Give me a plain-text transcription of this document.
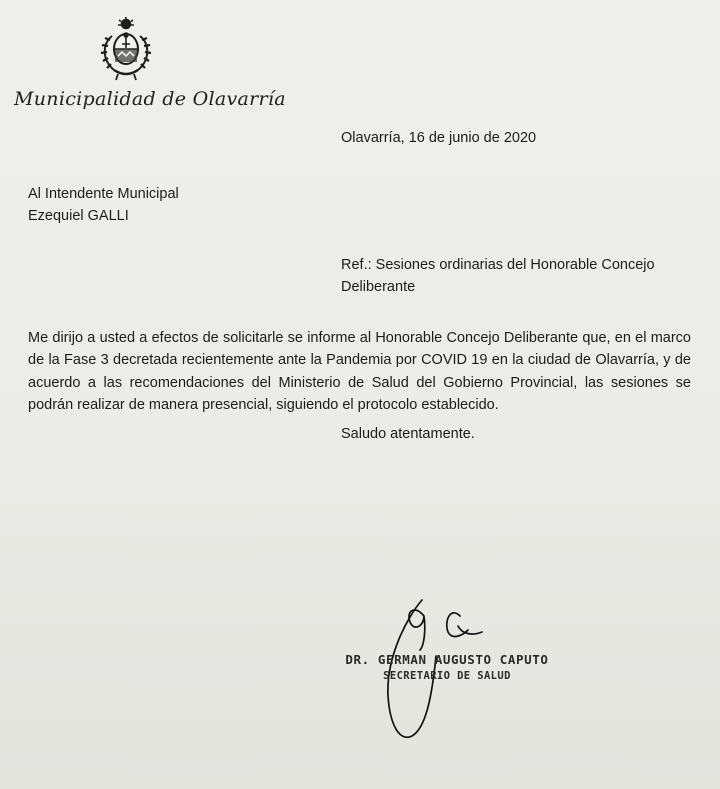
Municipalidad de Olavarría
Olavarría, 16 de junio de 2020
Al Intendente Municipal
Ezequiel GALLI
Ref.: Sesiones ordinarias del Honorable Concejo Deliberante
Me dirijo a usted a efectos de solicitarle se informe al Honorable Concejo Deliberante que, en el marco de la Fase 3 decretada recientemente ante la Pandemia por COVID 19 en la ciudad de Olavarría, y de acuerdo a las recomendaciones del Ministerio de Salud del Gobierno Provincial, las sesiones se podrán realizar de manera presencial, siguiendo el protocolo establecido.
Saludo atentamente.
DR. GERMAN AUGUSTO CAPUTO
SECRETARIO DE SALUD
